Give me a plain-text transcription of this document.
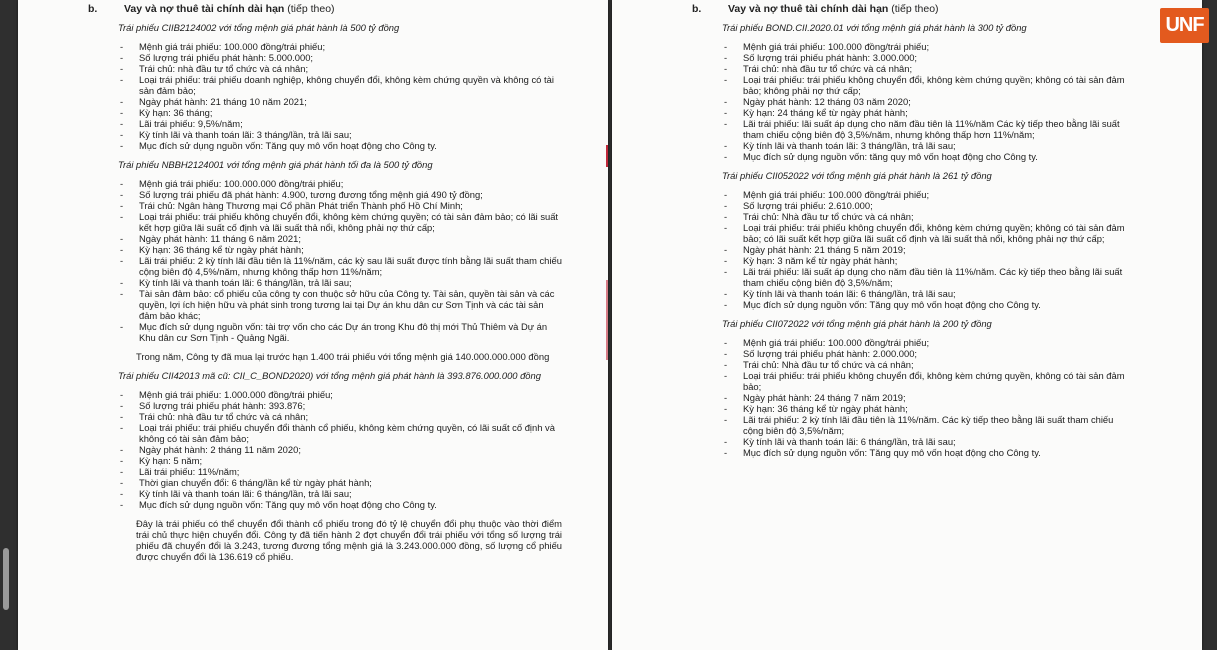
b.	Vay và nợ thuê tài chính dài hạn (tiếp theo)
Trái phiếu CIIB2124002 với tổng mệnh giá phát hành là 500 tỷ đồng
- Mệnh giá trái phiếu: 100.000 đồng/trái phiếu;
- Số lượng trái phiếu phát hành: 5.000.000;
- Trái chủ: nhà đầu tư tổ chức và cá nhân;
- Loại trái phiếu: trái phiếu doanh nghiệp, không chuyển đổi, không kèm chứng quyền và không có tài sản đảm bảo;
- Ngày phát hành: 21 tháng 10 năm 2021;
- Kỳ hạn: 36 tháng;
- Lãi trái phiếu: 9,5%/năm;
- Kỳ tính lãi và thanh toán lãi: 3 tháng/lần, trả lãi sau;
- Mục đích sử dụng nguồn vốn: Tăng quy mô vốn hoạt động cho Công ty.
Trái phiếu NBBH2124001 với tổng mệnh giá phát hành tối đa là 500 tỷ đồng
- Mệnh giá trái phiếu: 100.000.000 đồng/trái phiếu;
- Số lượng trái phiếu đã phát hành: 4.900, tương đương tổng mệnh giá 490 tỷ đồng;
- Trái chủ: Ngân hàng Thương mại Cổ phần Phát triển Thành phố Hồ Chí Minh;
- Loại trái phiếu: trái phiếu không chuyển đổi, không kèm chứng quyền; có tài sản đảm bảo; có lãi suất kết hợp giữa lãi suất cố định và lãi suất thả nổi, không phải nợ thứ cấp;
- Ngày phát hành: 11 tháng 6 năm 2021;
- Kỳ hạn: 36 tháng kể từ ngày phát hành;
- Lãi trái phiếu: 2 kỳ tính lãi đầu tiên là 11%/năm, các kỳ sau lãi suất được tính bằng lãi suất tham chiếu cộng biên độ 4,5%/năm, nhưng không thấp hơn 11%/năm;
- Kỳ tính lãi và thanh toán lãi: 6 tháng/lần, trả lãi sau;
- Tài sản đảm bảo: cổ phiếu của công ty con thuộc sở hữu của Công ty. Tài sản, quyền tài sản và các quyền, lợi ích hiện hữu và phát sinh trong tương lai tại Dự án khu dân cư Sơn Tịnh và các tài sản đảm bảo khác;
- Mục đích sử dụng nguồn vốn: tài trợ vốn cho các Dự án trong Khu đô thị mới Thủ Thiêm và Dự án Khu dân cư Sơn Tịnh - Quảng Ngãi.
Trong năm, Công ty đã mua lại trước hạn 1.400 trái phiếu với tổng mệnh giá 140.000.000.000 đồng
Trái phiếu CII42013 mã cũ: CII_C_BOND2020) với tổng mệnh giá phát hành là 393.876.000.000 đồng
- Mệnh giá trái phiếu: 1.000.000 đồng/trái phiếu;
- Số lượng trái phiếu phát hành: 393.876;
- Trái chủ: nhà đầu tư tổ chức và cá nhân;
- Loại trái phiếu: trái phiếu chuyển đổi thành cổ phiếu, không kèm chứng quyền, có lãi suất cố định và không có tài sản đảm bảo;
- Ngày phát hành: 2 tháng 11 năm 2020;
- Kỳ hạn: 5 năm;
- Lãi trái phiếu: 11%/năm;
- Thời gian chuyển đổi: 6 tháng/lần kể từ ngày phát hành;
- Kỳ tính lãi và thanh toán lãi: 6 tháng/lần, trả lãi sau;
- Mục đích sử dụng nguồn vốn: Tăng quy mô vốn hoạt động cho Công ty.
Đây là trái phiếu có thể chuyển đổi thành cổ phiếu trong đó tỷ lệ chuyển đổi phụ thuộc vào thời điểm trái chủ thực hiện chuyển đổi. Công ty đã tiến hành 2 đợt chuyển đổi trái phiếu với tổng số lượng trái phiếu đã chuyển đổi là 3.243, tương đương tổng mệnh giá là 3.243.000.000 đồng, số lượng cổ phiếu được chuyển đổi là 136.619 cổ phiếu.
b.	Vay và nợ thuê tài chính dài hạn (tiếp theo)
Trái phiếu BOND.CII.2020.01 với tổng mệnh giá phát hành là 300 tỷ đồng
- Mệnh giá trái phiếu: 100.000 đồng/trái phiếu;
- Số lượng trái phiếu phát hành: 3.000.000;
- Trái chủ: nhà đầu tư tổ chức và cá nhân;
- Loại trái phiếu: trái phiếu không chuyển đổi, không kèm chứng quyền; không có tài sản đảm bảo; không phải nợ thứ cấp;
- Ngày phát hành: 12 tháng 03 năm 2020;
- Kỳ hạn: 24 tháng kể từ ngày phát hành;
- Lãi trái phiếu: lãi suất áp dụng cho năm đầu tiên là 11%/năm Các kỳ tiếp theo bằng lãi suất tham chiếu cộng biên độ 3,5%/năm, nhưng không thấp hơn 11%/năm;
- Kỳ tính lãi và thanh toán lãi: 3 tháng/lần, trả lãi sau;
- Mục đích sử dụng nguồn vốn: tăng quy mô vốn hoạt động cho Công ty.
Trái phiếu CII052022 với tổng mệnh giá phát hành là 261 tỷ đồng
- Mệnh giá trái phiếu: 100.000 đồng/trái phiếu;
- Số lượng trái phiếu: 2.610.000;
- Trái chủ: Nhà đầu tư tổ chức và cá nhân;
- Loại trái phiếu: trái phiếu không chuyển đổi, không kèm chứng quyền; không có tài sản đảm bảo; có lãi suất kết hợp giữa lãi suất cố định và lãi suất thả nổi, không phải nợ thứ cấp;
- Ngày phát hành: 21 tháng 5 năm 2019;
- Kỳ hạn: 3 năm kể từ ngày phát hành;
- Lãi trái phiếu: lãi suất áp dụng cho năm đầu tiên là 11%/năm. Các kỳ tiếp theo bằng lãi suất tham chiếu cộng biên độ 3,5%/năm;
- Kỳ tính lãi và thanh toán lãi: 6 tháng/lần, trả lãi sau;
- Mục đích sử dụng nguồn vốn: Tăng quy mô vốn hoạt động cho Công ty.
Trái phiếu CII072022 với tổng mệnh giá phát hành là 200 tỷ đồng
- Mệnh giá trái phiếu: 100.000 đồng/trái phiếu;
- Số lượng trái phiếu phát hành: 2.000.000;
- Trái chủ: Nhà đầu tư tổ chức và cá nhân;
- Loại trái phiếu: trái phiếu không chuyển đổi, không kèm chứng quyền, không có tài sản đảm bảo;
- Ngày phát hành: 24 tháng 7 năm 2019;
- Kỳ hạn: 36 tháng kể từ ngày phát hành;
- Lãi trái phiếu: 2 kỳ tính lãi đầu tiên là 11%/năm. Các kỳ tiếp theo bằng lãi suất tham chiếu cộng biên độ 3,5%/năm;
- Kỳ tính lãi và thanh toán lãi: 6 tháng/lần, trả lãi sau;
- Mục đích sử dụng nguồn vốn: Tăng quy mô vốn hoạt động cho Công ty.
UNF
